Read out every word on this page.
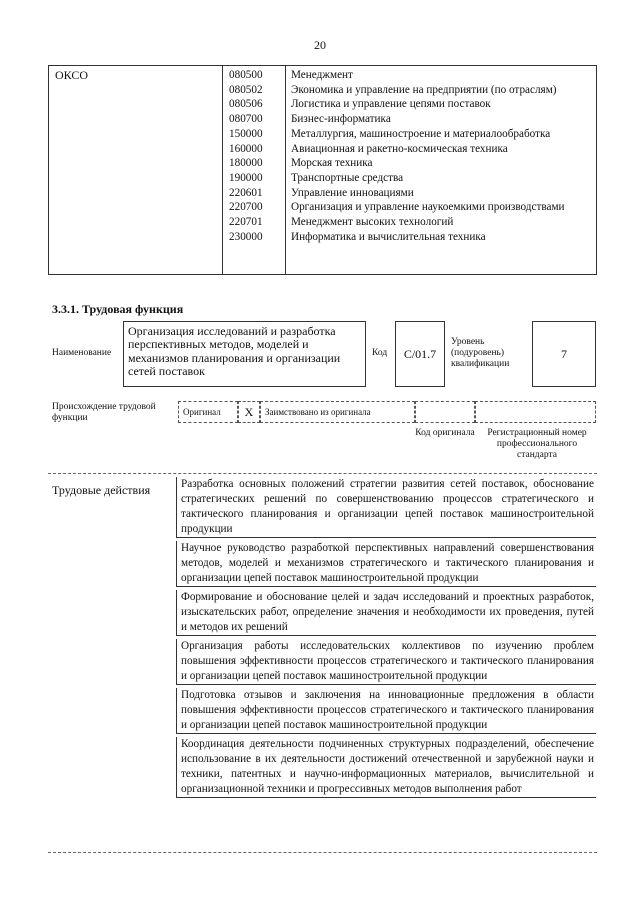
20
ОКСО	080500	Менеджмент
080502	Экономика и управление на предприятии (по отраслям)
080506	Логистика и управление цепями поставок
080700	Бизнес-информатика
150000	Металлургия, машиностроение и материалообработка
160000	Авиационная и ракетно-космическая техника
180000	Морская техника
190000	Транспортные средства
220601	Управление инновациями
220700	Организация и управление наукоемкими производствами
220701	Менеджмент высоких технологий
230000	Информатика и вычислительная техника
3.3.1. Трудовая функция
Наименование
Организация исследований и разработка перспективных методов, моделей и механизмов планирования и организации сетей поставок
Код	C/01.7
Уровень (подуровень) квалификации
7
Происхождение трудовой функции
Оригинал X Заимствовано из оригинала
Код оригинала	Регистрационный номер профессионального стандарта
Трудовые действия	Разработка основных положений стратегии развития сетей поставок, обоснование стратегических решений по совершенствованию процессов стратегического и тактического планирования и организации цепей поставок машиностроительной продукции
Научное руководство разработкой перспективных направлений совершенствования методов, моделей и механизмов стратегического и тактического планирования и организации цепей поставок машиностроительной продукции
Формирование и обоснование целей и задач исследований и проектных разработок, изыскательских работ, определение значения и необходимости их проведения, путей и методов их решений
Организация работы исследовательских коллективов по изучению проблем повышения эффективности процессов стратегического и тактического планирования и организации цепей поставок машиностроительной продукции
Подготовка отзывов и заключения на инновационные предложения в области повышения эффективности процессов стратегического и тактического планирования и организации цепей поставок машиностроительной продукции
Координация деятельности подчиненных структурных подразделений, обеспечение использование в их деятельности достижений отечественной и зарубежной науки и техники, патентных и научно-информационных материалов, вычислительной и организационной техники и прогрессивных методов выполнения работ
